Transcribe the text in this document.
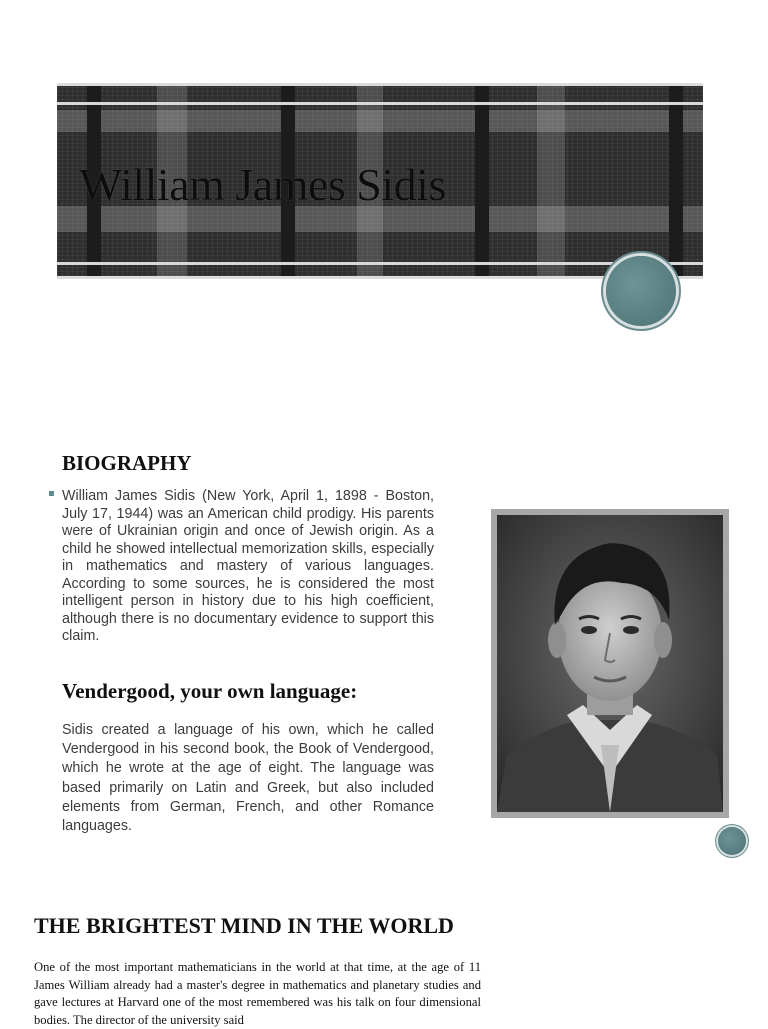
William James Sidis
BIOGRAPHY

William James Sidis (New York, April 1, 1898 - Boston, July 17, 1944) was an American child prodigy. His parents were of Ukrainian origin and once of Jewish origin. As a child he showed intellectual memorization skills, especially in mathematics and mastery of various languages. According to some sources, he is considered the most intelligent person in history due to his high coefficient, although there is no documentary evidence to support this claim.

Vendergood, your own language:

Sidis created a language of his own, which he called Vendergood in his second book, the Book of Vendergood, which he wrote at the age of eight. The language was based primarily on Latin and Greek, but also included elements from German, French, and other Romance languages.

THE BRIGHTEST MIND IN THE WORLD

One of the most important mathematicians in the world at that time, at the age of 11 James William already had a master's degree in mathematics and planetary studies and gave lectures at Harvard one of the most remembered was his talk on four dimensional bodies. The director of the university said
